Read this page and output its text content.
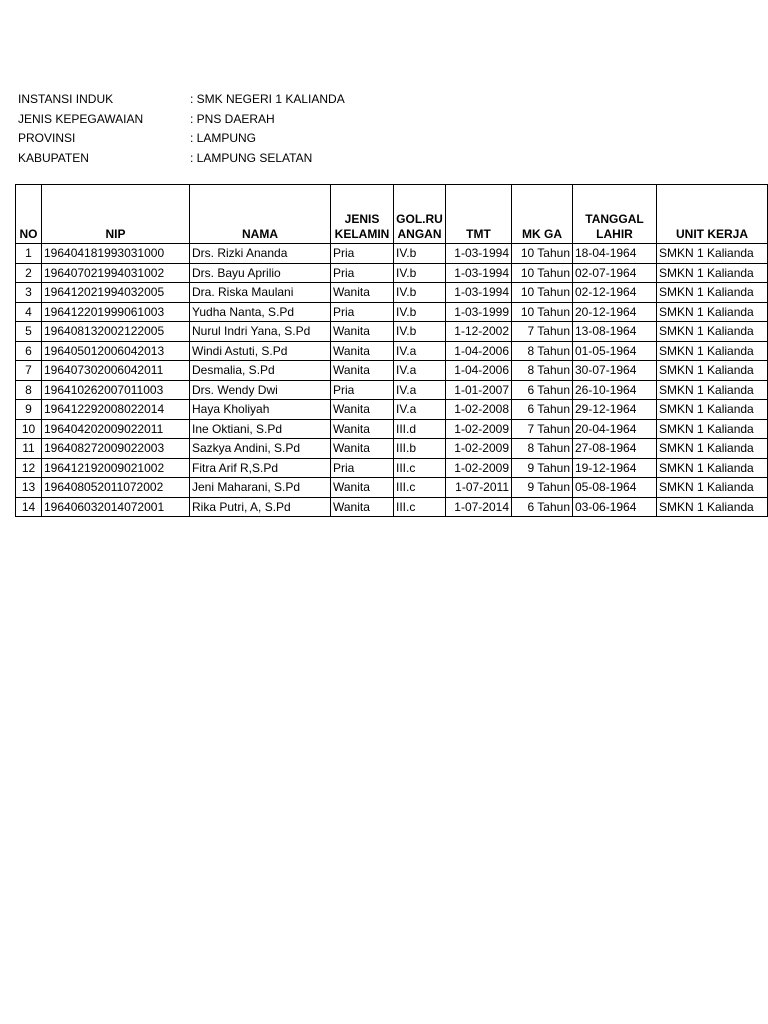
INSTANSI INDUK	: SMK NEGERI 1 KALIANDA
JENIS KEPEGAWAIAN	: PNS DAERAH
PROVINSI	: LAMPUNG
KABUPATEN	: LAMPUNG SELATAN
NO	NIP	NAMA	JENIS KELAMIN	GOL.RU ANGAN	TMT	MK GA	TANGGAL LAHIR	UNIT KERJA
1	196404181993031000	Drs. Rizki Ananda	Pria	IV.b	1-03-1994	10 Tahun	18-04-1964	SMKN 1 Kalianda
2	196407021994031002	Drs. Bayu Aprilio	Pria	IV.b	1-03-1994	10 Tahun	02-07-1964	SMKN 1 Kalianda
3	196412021994032005	Dra. Riska Maulani	Wanita	IV.b	1-03-1994	10 Tahun	02-12-1964	SMKN 1 Kalianda
4	196412201999061003	Yudha Nanta, S.Pd	Pria	IV.b	1-03-1999	10 Tahun	20-12-1964	SMKN 1 Kalianda
5	196408132002122005	Nurul Indri Yana, S.Pd	Wanita	IV.b	1-12-2002	7 Tahun	13-08-1964	SMKN 1 Kalianda
6	196405012006042013	Windi Astuti, S.Pd	Wanita	IV.a	1-04-2006	8 Tahun	01-05-1964	SMKN 1 Kalianda
7	196407302006042011	Desmalia, S.Pd	Wanita	IV.a	1-04-2006	8 Tahun	30-07-1964	SMKN 1 Kalianda
8	196410262007011003	Drs. Wendy Dwi	Pria	IV.a	1-01-2007	6 Tahun	26-10-1964	SMKN 1 Kalianda
9	196412292008022014	Haya Kholiyah	Wanita	IV.a	1-02-2008	6 Tahun	29-12-1964	SMKN 1 Kalianda
10	196404202009022011	Ine Oktiani, S.Pd	Wanita	III.d	1-02-2009	7 Tahun	20-04-1964	SMKN 1 Kalianda
11	196408272009022003	Sazkya Andini, S.Pd	Wanita	III.b	1-02-2009	8 Tahun	27-08-1964	SMKN 1 Kalianda
12	196412192009021002	Fitra Arif R,S.Pd	Pria	III.c	1-02-2009	9 Tahun	19-12-1964	SMKN 1 Kalianda
13	196408052011072002	Jeni Maharani, S.Pd	Wanita	III.c	1-07-2011	9 Tahun	05-08-1964	SMKN 1 Kalianda
14	196406032014072001	Rika Putri, A, S.Pd	Wanita	III.c	1-07-2014	6 Tahun	03-06-1964	SMKN 1 Kalianda
